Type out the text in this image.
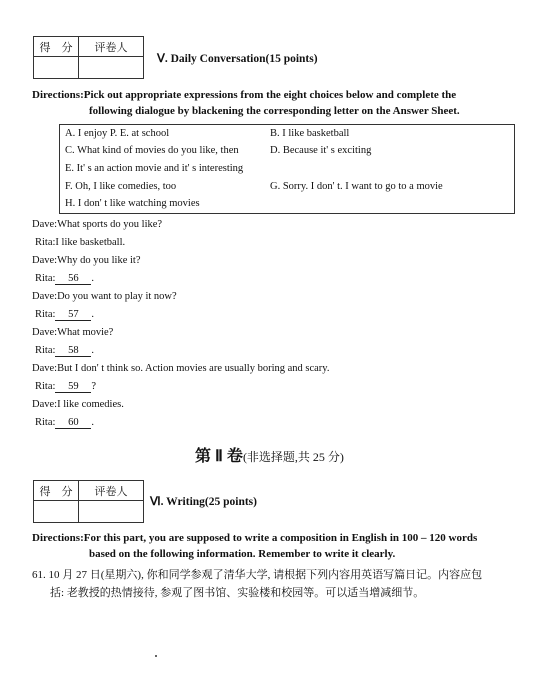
得　分	评卷人

Ⅴ. Daily Conversation(15 points)
Directions:Pick out appropriate expressions from the eight choices below and complete the
following dialogue by blackening the corresponding letter on the Answer Sheet.
A. I enjoy P. E. at school	B. I like basketball
C. What kind of movies do you like, then	D. Because it' s exciting
E. It' s an action movie and it' s interesting
F. Oh, I like comedies, too	G. Sorry. I don' t. I want to go to a movie
H. I don' t like watching movies
Dave:What sports do you like?
Rita:I like basketball.
Dave:Why do you like it?
Rita: 56 .
Dave:Do you want to play it now?
Rita: 57 .
Dave:What movie?
Rita: 58 .
Dave:But I don' t think so. Action movies are usually boring and scary.
Rita: 59 ?
Dave:I like comedies.
Rita: 60 .
第 Ⅱ 卷(非选择题,共 25 分)
得　分	评卷人

Ⅵ. Writing(25 points)
Directions:For this part, you are supposed to write a composition in English in 100 – 120 words
based on the following information. Remember to write it clearly.
61. 10 月 27 日(星期六), 你和同学参观了清华大学, 请根据下列内容用英语写篇日记。内容应包
括: 老教授的热情接待, 参观了图书馆、实验楼和校园等。可以适当增减细节。
